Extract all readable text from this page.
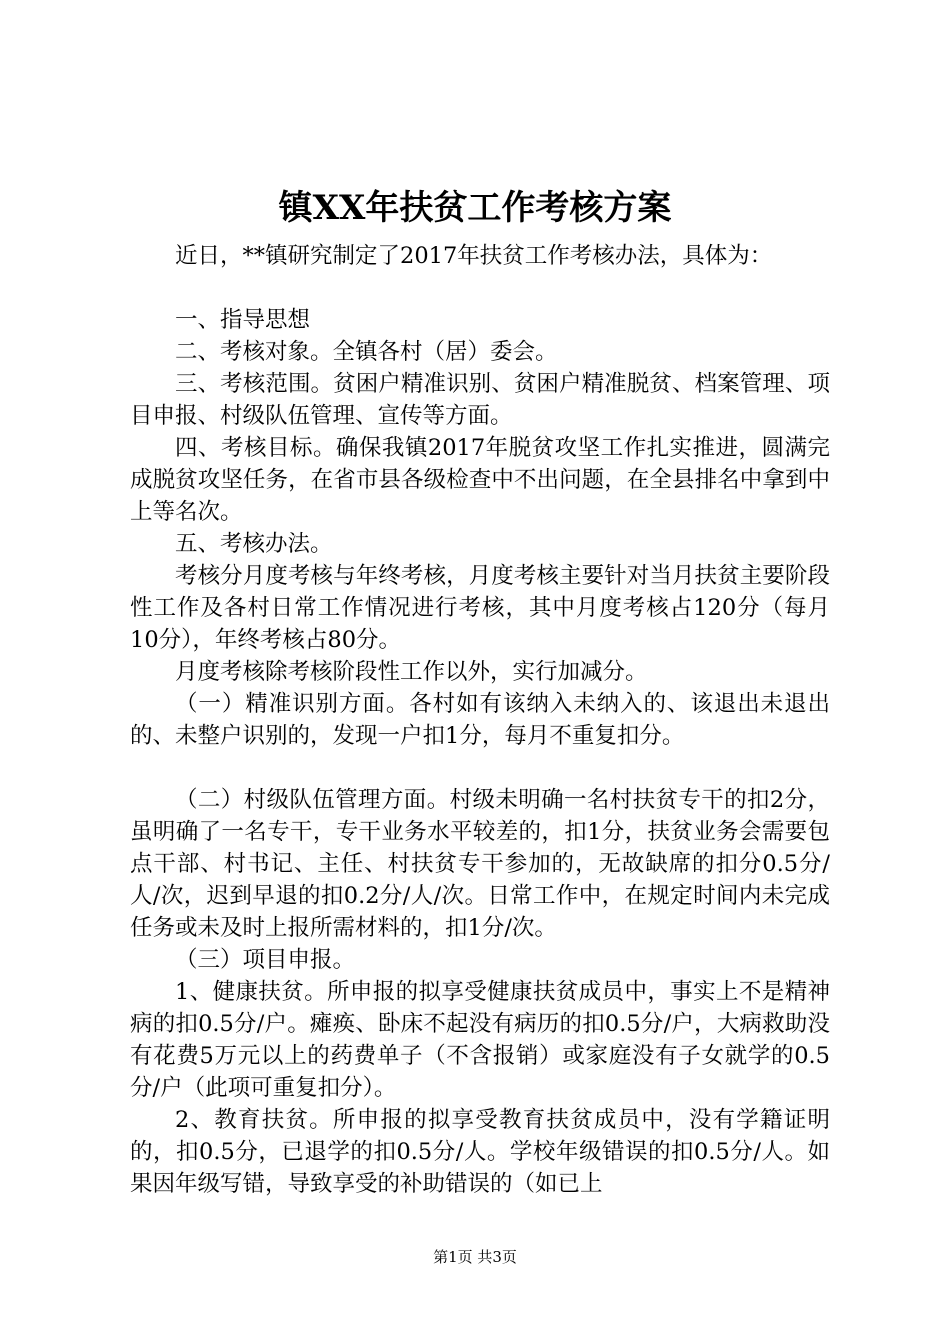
镇XX年扶贫工作考核方案

近日，**镇研究制定了2017年扶贫工作考核办法，具体为：

一、指导思想

二、考核对象。全镇各村（居）委会。

三、考核范围。贫困户精准识别、贫困户精准脱贫、档案管理、项目申报、村级队伍管理、宣传等方面。

四、考核目标。确保我镇2017年脱贫攻坚工作扎实推进，圆满完成脱贫攻坚任务，在省市县各级检查中不出问题，在全县排名中拿到中上等名次。

五、考核办法。

考核分月度考核与年终考核，月度考核主要针对当月扶贫主要阶段性工作及各村日常工作情况进行考核，其中月度考核占120分（每月10分），年终考核占80分。

月度考核除考核阶段性工作以外，实行加减分。

（一）精准识别方面。各村如有该纳入未纳入的、该退出未退出的、未整户识别的，发现一户扣1分，每月不重复扣分。

（二）村级队伍管理方面。村级未明确一名村扶贫专干的扣2分，虽明确了一名专干，专干业务水平较差的，扣1分，扶贫业务会需要包点干部、村书记、主任、村扶贫专干参加的，无故缺席的扣分0.5分/人/次，迟到早退的扣0.2分/人/次。日常工作中，在规定时间内未完成任务或未及时上报所需材料的，扣1分/次。

（三）项目申报。

1、健康扶贫。所申报的拟享受健康扶贫成员中，事实上不是精神病的扣0.5分/户。瘫痪、卧床不起没有病历的扣0.5分/户，大病救助没有花费5万元以上的药费单子（不含报销）或家庭没有子女就学的0.5分/户（此项可重复扣分）。

2、教育扶贫。所申报的拟享受教育扶贫成员中，没有学籍证明的，扣0.5分，已退学的扣0.5分/人。学校年级错误的扣0.5分/人。如果因年级写错，导致享受的补助错误的（如已上

第1页 共3页
